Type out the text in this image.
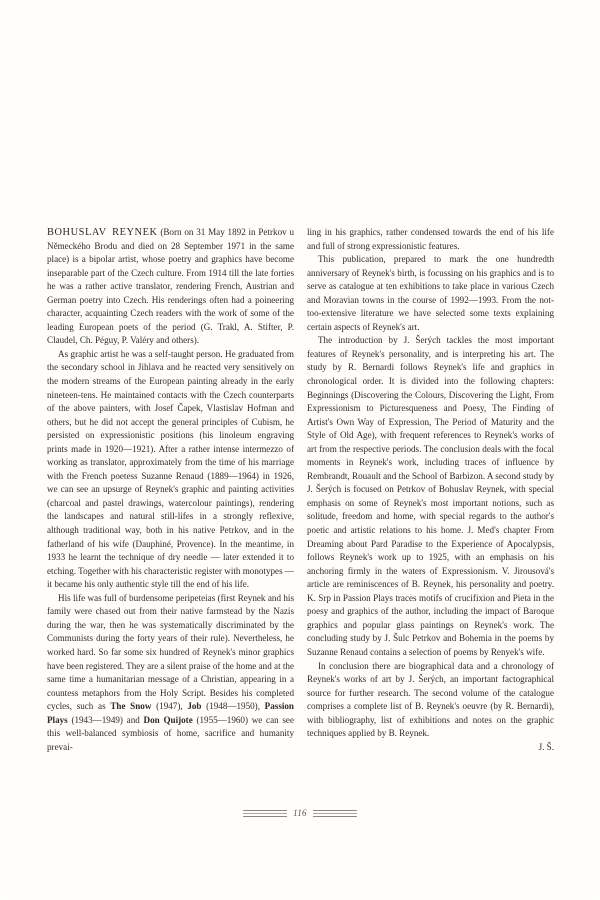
BOHUSLAV REYNEK (Born on 31 May 1892 in Petrkov u Německého Brodu and died on 28 September 1971 in the same place) is a bipolar artist, whose poetry and graphics have become inseparable part of the Czech culture. From 1914 till the late forties he was a rather active translator, rendering French, Austrian and German poetry into Czech. His renderings often had a poineering character, acquainting Czech readers with the work of some of the leading European poets of the period (G. Trakl, A. Stifter, P. Claudel, Ch. Péguy, P. Valéry and others).

As graphic artist he was a self-taught person. He graduated from the secondary school in Jihlava and he reacted very sensitively on the modern streams of the European painting already in the early nineteen-tens. He maintained contacts with the Czech counterparts of the above painters, with Josef Čapek, Vlastislav Hofman and others, but he did not accept the general principles of Cubism, he persisted on expressionistic positions (his linoleum engraving prints made in 1920—1921). After a rather intense intermezzo of working as translator, approximately from the time of his marriage with the French poetess Suzanne Renaud (1889—1964) in 1926, we can see an upsurge of Reynek's graphic and painting activities (charcoal and pastel drawings, watercolour paintings), rendering the landscapes and natural still-lifes in a strongly reflexive, although traditional way, both in his native Petrkov, and in the fatherland of his wife (Dauphiné, Provence). In the meantime, in 1933 he learnt the technique of dry needle — later extended it to etching. Together with his characteristic register with monotypes — it became his only authentic style till the end of his life.

His life was full of burdensome peripeteias (first Reynek and his family were chased out from their native farmstead by the Nazis during the war, then he was systematically discriminated by the Communists during the forty years of their rule). Nevertheless, he worked hard. So far some six hundred of Reynek's minor graphics have been registered. They are a silent praise of the home and at the same time a humanitarian message of a Christian, appearing in a countess metaphors from the Holy Script. Besides his completed cycles, such as The Snow (1947), Job (1948—1950), Passion Plays (1943—1949) and Don Quijote (1955—1960) we can see this well-balanced symbiosis of home, sacrifice and humanity prevai-

ling in his graphics, rather condensed towards the end of his life and full of strong expressionistic features.

This publication, prepared to mark the one hundredth anniversary of Reynek's birth, is focussing on his graphics and is to serve as catalogue at ten exhibitions to take place in various Czech and Moravian towns in the course of 1992—1993. From the not-too-extensive literature we have selected some texts explaining certain aspects of Reynek's art.

The introduction by J. Šerých tackles the most important features of Reynek's personality, and is interpreting his art. The study by R. Bernardi follows Reynek's life and graphics in chronological order. It is divided into the following chapters: Beginnings (Discovering the Colours, Discovering the Light, From Expressionism to Picturesqueness and Poesy, The Finding of Artist's Own Way of Expression, The Period of Maturity and the Style of Old Age), with frequent references to Reynek's works of art from the respective periods. The conclusion deals with the focal moments in Reynek's work, including traces of influence by Rembrandt, Rouault and the School of Barbizon. A second study by J. Šerých is focused on Petrkov of Bohuslav Reynek, with special emphasis on some of Reynek's most important notions, such as solitude, freedom and home, with special regards to the author's poetic and artistic relations to his home. J. Med's chapter From Dreaming about Pard Paradise to the Experience of Apocalypsis, follows Reynek's work up to 1925, with an emphasis on his anchoring firmly in the waters of Expressionism. V. Jirousová's article are reminiscences of B. Reynek, his personality and poetry. K. Srp in Passion Plays traces motifs of crucifixion and Pieta in the poesy and graphics of the author, including the impact of Baroque graphics and popular glass paintings on Reynek's work. The concluding study by J. Šulc Petrkov and Bohemia in the poems by Suzanne Renaud contains a selection of poems by Renyek's wife.

In conclusion there are biographical data and a chronology of Reynek's works of art by J. Šerých, an important factographical source for further research. The second volume of the catalogue comprises a complete list of B. Reynek's oeuvre (by R. Bernardi), with bibliography, list of exhibitions and notes on the graphic techniques applied by B. Reynek.
J. Š.

116
